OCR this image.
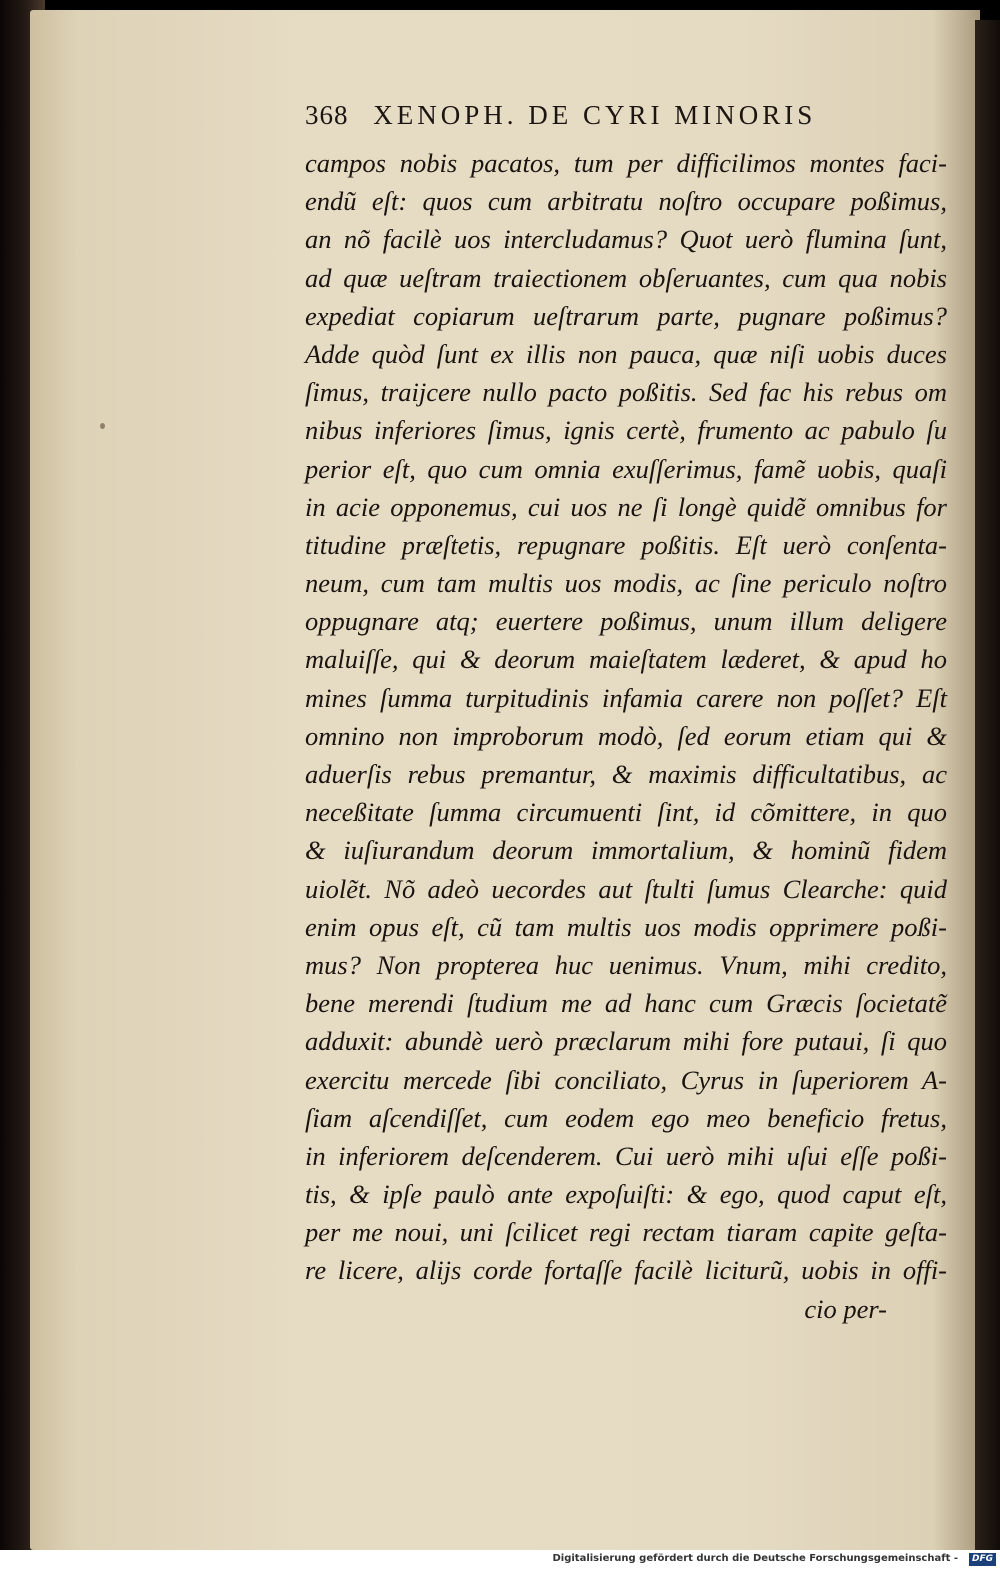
368 XENOPH. DE CYRI MINORIS
campos nobis pacatos, tum per difficilimos montes faci-
endũ eſt: quos cum arbitratu noſtro occupare poßimus,
an nõ facilè uos intercludamus? Quot uerò flumina ſunt,
ad quæ ueſtram traiectionem obſeruantes, cum qua nobis
expediat copiarum ueſtrarum parte, pugnare poßimus?
Adde quòd ſunt ex illis non pauca, quæ niſi uobis duces
ſimus, traijcere nullo pacto poßitis. Sed fac his rebus om
nibus inferiores ſimus, ignis certè, frumento ac pabulo ſu
perior eſt, quo cum omnia exuſſerimus, famẽ uobis, quaſi
in acie opponemus, cui uos ne ſi longè quidẽ omnibus for
titudine præſtetis, repugnare poßitis. Eſt uerò conſenta-
neum, cum tam multis uos modis, ac ſine periculo noſtro
oppugnare atq; euertere poßimus, unum illum deligere
maluiſſe, qui & deorum maieſtatem læderet, & apud ho
mines ſumma turpitudinis infamia carere non poſſet? Eſt
omnino non improborum modò, ſed eorum etiam qui &
aduerſis rebus premantur, & maximis difficultatibus, ac
neceßitate ſumma circumuenti ſint, id cõmittere, in quo
& iuſiurandum deorum immortalium, & hominũ fidem
uiolẽt. Nõ adeò uecordes aut ſtulti ſumus Clearche: quid
enim opus eſt, cũ tam multis uos modis opprimere poßi-
mus? Non propterea huc uenimus. Vnum, mihi credito,
bene merendi ſtudium me ad hanc cum Græcis ſocietatẽ
adduxit: abundè uerò præclarum mihi fore putaui, ſi quo
exercitu mercede ſibi conciliato, Cyrus in ſuperiorem A-
ſiam aſcendiſſet, cum eodem ego meo beneficio fretus,
in inferiorem deſcenderem. Cui uerò mihi uſui eſſe poßi-
tis, & ipſe paulò ante expoſuiſti: & ego, quod caput eſt,
per me noui, uni ſcilicet regi rectam tiaram capite geſta-
re licere, alijs corde fortaſſe facilè liciturũ, uobis in offi-
cio per-
Digitalisierung gefördert durch die Deutsche Forschungsgemeinschaft -	DFG
